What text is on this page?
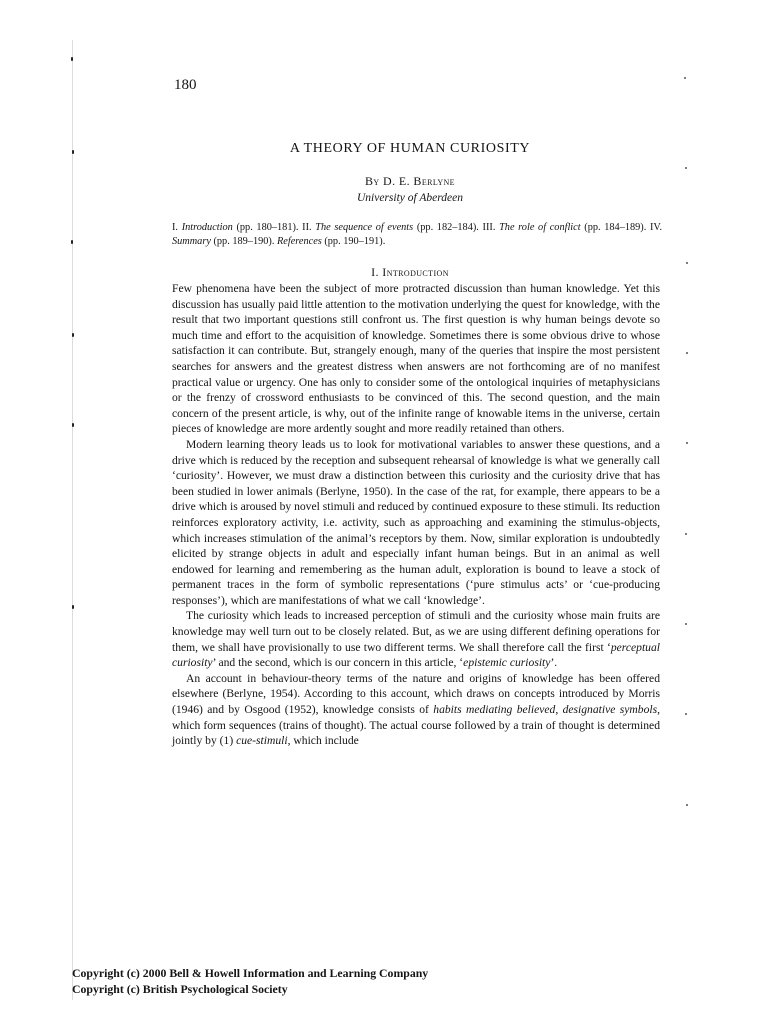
180
A THEORY OF HUMAN CURIOSITY
By D. E. Berlyne
University of Aberdeen
I. Introduction (pp. 180–181). II. The sequence of events (pp. 182–184). III. The role of conflict (pp. 184–189). IV. Summary (pp. 189–190). References (pp. 190–191).
I. Introduction

Few phenomena have been the subject of more protracted discussion than human knowledge. Yet this discussion has usually paid little attention to the motivation underlying the quest for knowledge, with the result that two important questions still confront us. The first question is why human beings devote so much time and effort to the acquisition of knowledge. Sometimes there is some obvious drive to whose satisfaction it can contribute. But, strangely enough, many of the queries that inspire the most persistent searches for answers and the greatest distress when answers are not forthcoming are of no manifest practical value or urgency. One has only to consider some of the ontological inquiries of metaphysicians or the frenzy of crossword enthusiasts to be convinced of this. The second question, and the main concern of the present article, is why, out of the infinite range of knowable items in the universe, certain pieces of knowledge are more ardently sought and more readily retained than others.

Modern learning theory leads us to look for motivational variables to answer these questions, and a drive which is reduced by the reception and subsequent rehearsal of knowledge is what we generally call ‘curiosity’. However, we must draw a distinction between this curiosity and the curiosity drive that has been studied in lower animals (Berlyne, 1950). In the case of the rat, for example, there appears to be a drive which is aroused by novel stimuli and reduced by continued exposure to these stimuli. Its reduction reinforces exploratory activity, i.e. activity, such as approaching and examining the stimulus-objects, which increases stimulation of the animal’s receptors by them. Now, similar exploration is undoubtedly elicited by strange objects in adult and especially infant human beings. But in an animal as well endowed for learning and remembering as the human adult, exploration is bound to leave a stock of permanent traces in the form of symbolic representations (‘pure stimulus acts’ or ‘cue-producing responses’), which are manifestations of what we call ‘knowledge’.

The curiosity which leads to increased perception of stimuli and the curiosity whose main fruits are knowledge may well turn out to be closely related. But, as we are using different defining operations for them, we shall have provisionally to use two different terms. We shall therefore call the first ‘perceptual curiosity’ and the second, which is our concern in this article, ‘epistemic curiosity’.

An account in behaviour-theory terms of the nature and origins of knowledge has been offered elsewhere (Berlyne, 1954). According to this account, which draws on concepts introduced by Morris (1946) and by Osgood (1952), knowledge consists of habits mediating believed, designative symbols, which form sequences (trains of thought). The actual course followed by a train of thought is determined jointly by (1) cue-stimuli, which include

Copyright (c) 2000 Bell & Howell Information and Learning Company
Copyright (c) British Psychological Society
